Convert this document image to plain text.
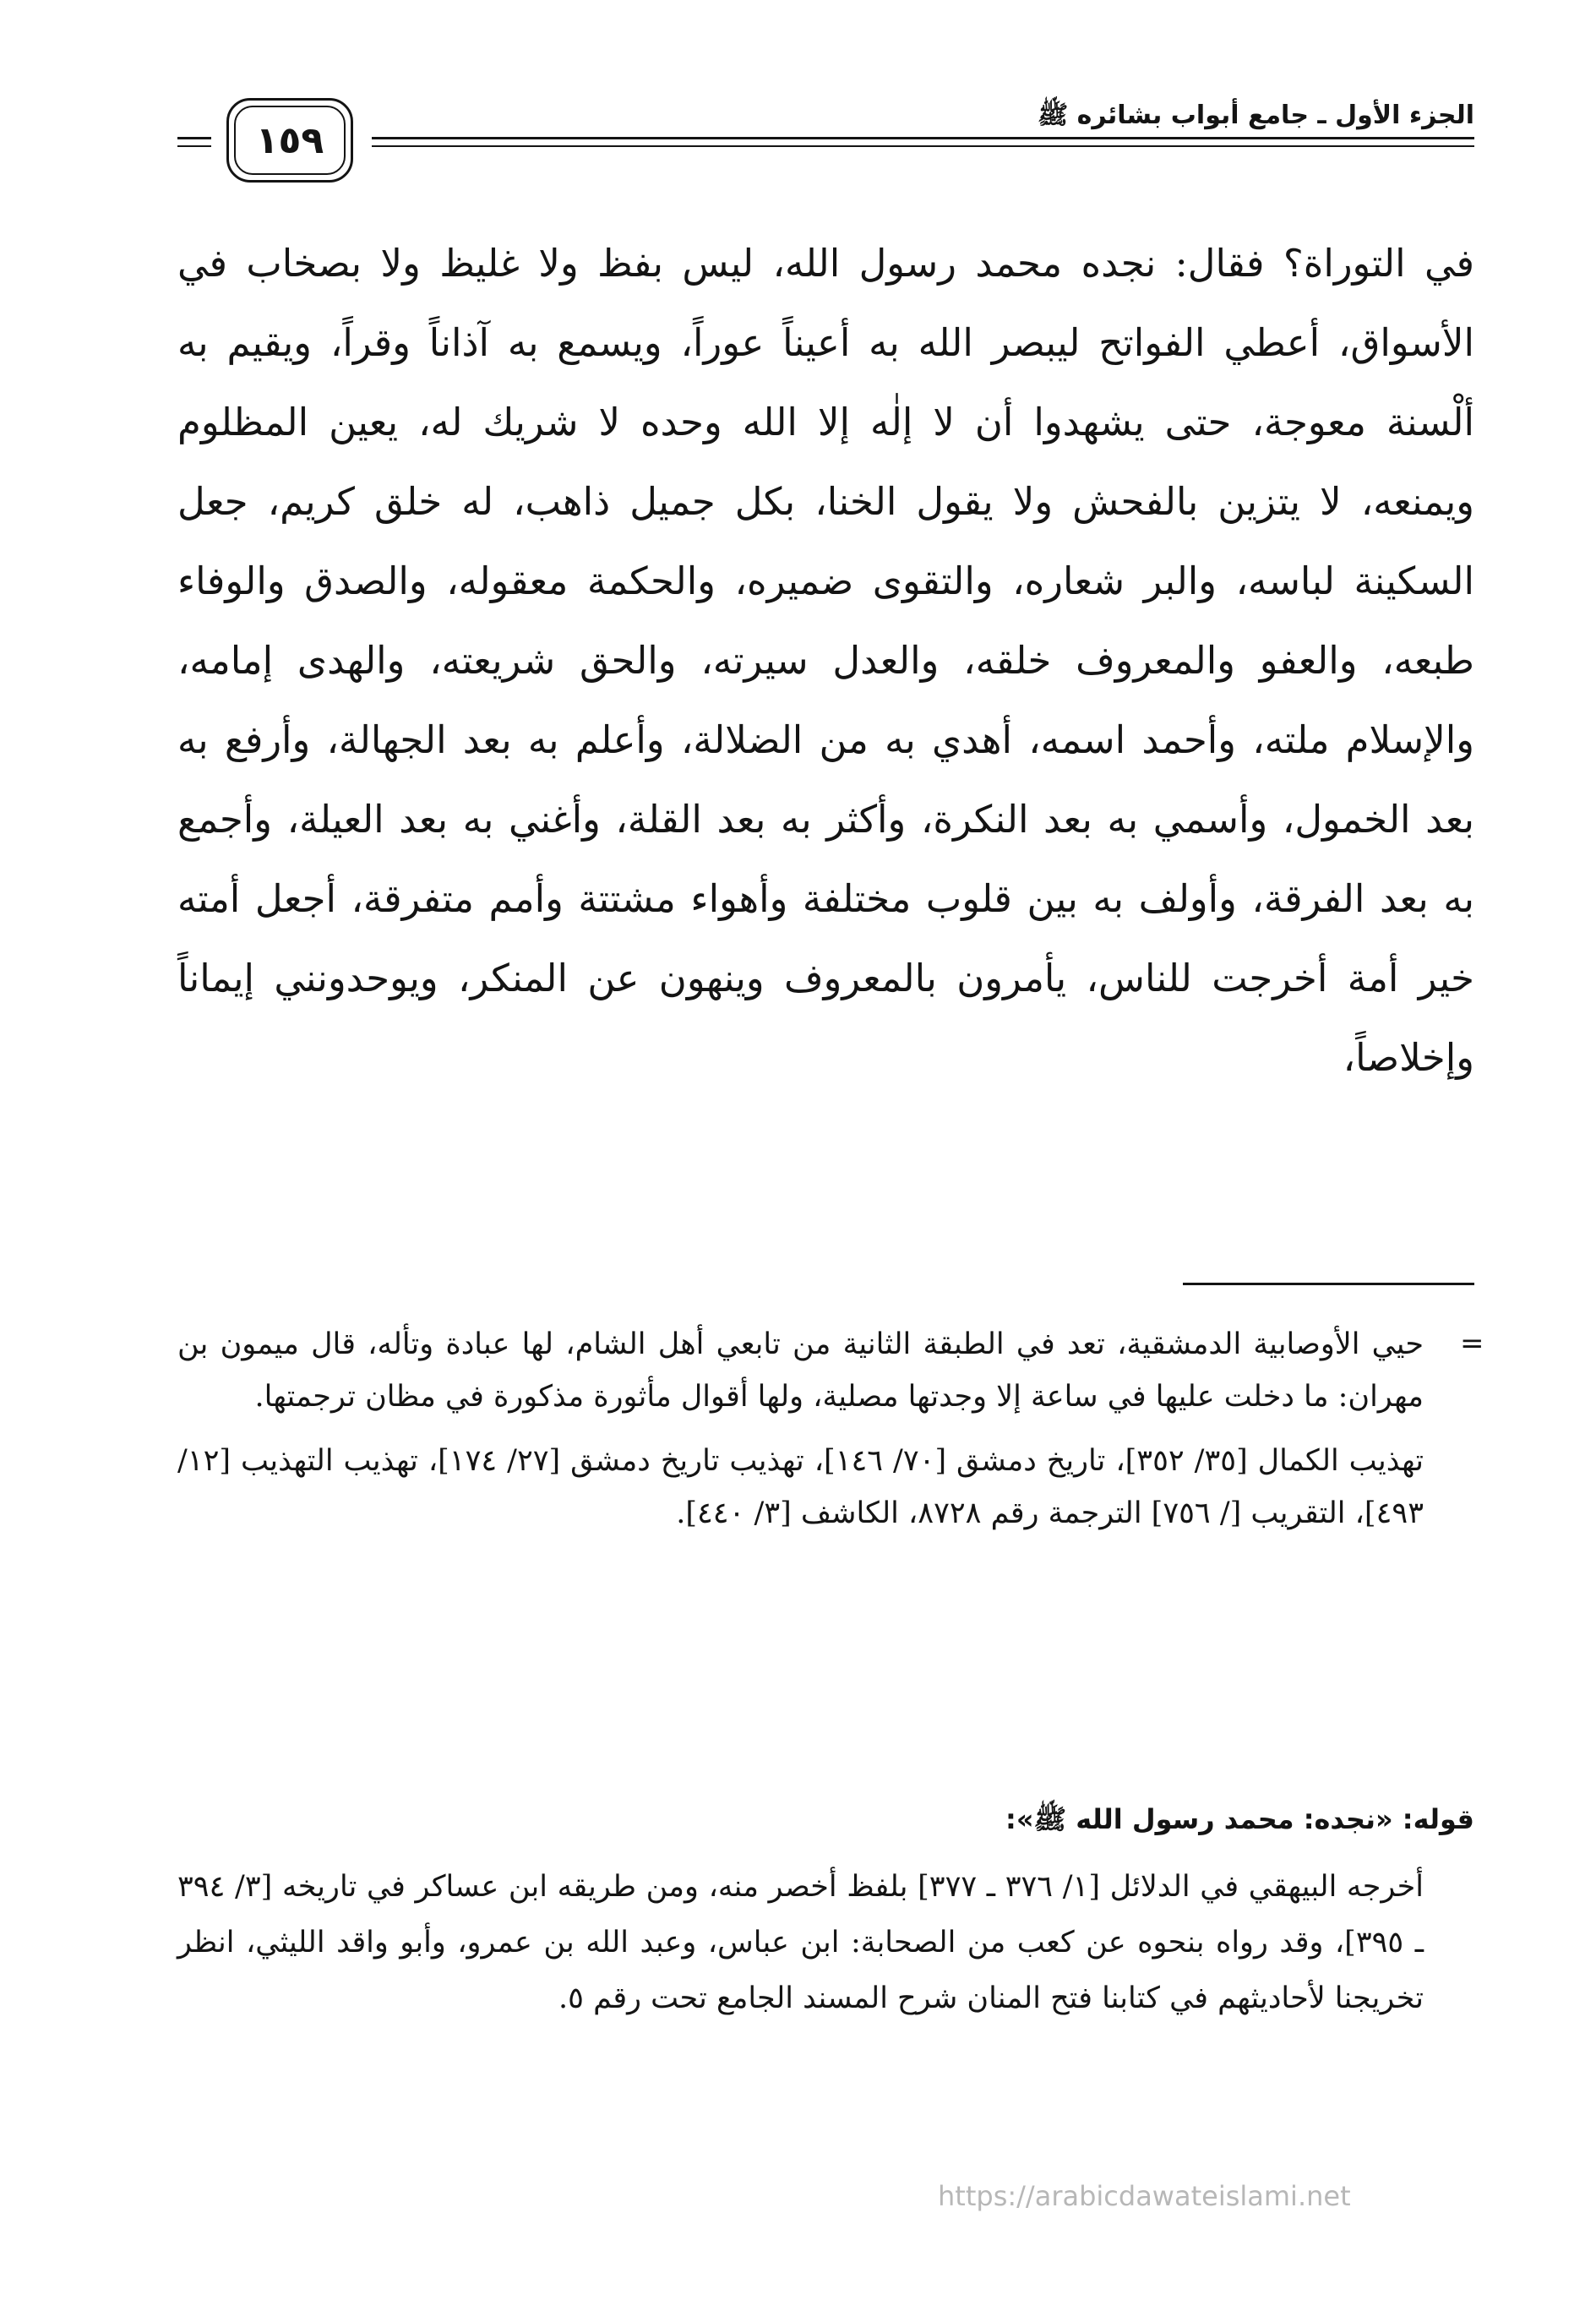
الجزء الأول ـ جامع أبواب بشائره ﷺ
١٥٩

في التوراة؟ فقال: نجده محمد رسول الله، ليس بفظ ولا غليظ ولا بصخاب في الأسواق، أعطي الفواتح ليبصر الله به أعيناً عوراً، ويسمع به آذاناً وقراً، ويقيم به ألْسنة معوجة، حتى يشهدوا أن لا إلٰه إلا الله وحده لا شريك له، يعين المظلوم ويمنعه، لا يتزين بالفحش ولا يقول الخنا، بكل جميل ذاهب، له خلق كريم، جعل السكينة لباسه، والبر شعاره، والتقوى ضميره، والحكمة معقوله، والصدق والوفاء طبعه، والعفو والمعروف خلقه، والعدل سيرته، والحق شريعته، والهدى إمامه، والإسلام ملته، وأحمد اسمه، أهدي به من الضلالة، وأعلم به بعد الجهالة، وأرفع به بعد الخمول، وأسمي به بعد النكرة، وأكثر به بعد القلة، وأغني به بعد العيلة، وأجمع به بعد الفرقة، وأولف به بين قلوب مختلفة وأهواء مشتتة وأمم متفرقة، أجعل أمته خير أمة أخرجت للناس، يأمرون بالمعروف وينهون عن المنكر، ويوحدونني إيماناً وإخلاصاً،

=

حيي الأوصابية الدمشقية، تعد في الطبقة الثانية من تابعي أهل الشام، لها عبادة وتأله، قال ميمون بن مهران: ما دخلت عليها في ساعة إلا وجدتها مصلية، ولها أقوال مأثورة مذكورة في مظان ترجمتها.

تهذيب الكمال [٣٥/ ٣٥٢]، تاريخ دمشق [٧٠/ ١٤٦]، تهذيب تاريخ دمشق [٢٧/ ١٧٤]، تهذيب التهذيب [١٢/ ٤٩٣]، التقريب [/ ٧٥٦] الترجمة رقم ٨٧٢٨، الكاشف [٣/ ٤٤٠].

قوله: «نجده: محمد رسول الله ﷺ»:

أخرجه البيهقي في الدلائل [١/ ٣٧٦ ـ ٣٧٧] بلفظ أخصر منه، ومن طريقه ابن عساكر في تاريخه [٣/ ٣٩٤ ـ ٣٩٥]، وقد رواه بنحوه عن كعب من الصحابة: ابن عباس، وعبد الله بن عمرو، وأبو واقد الليثي، انظر تخريجنا لأحاديثهم في كتابنا فتح المنان شرح المسند الجامع تحت رقم ٥.

https://arabicdawateislami.net
